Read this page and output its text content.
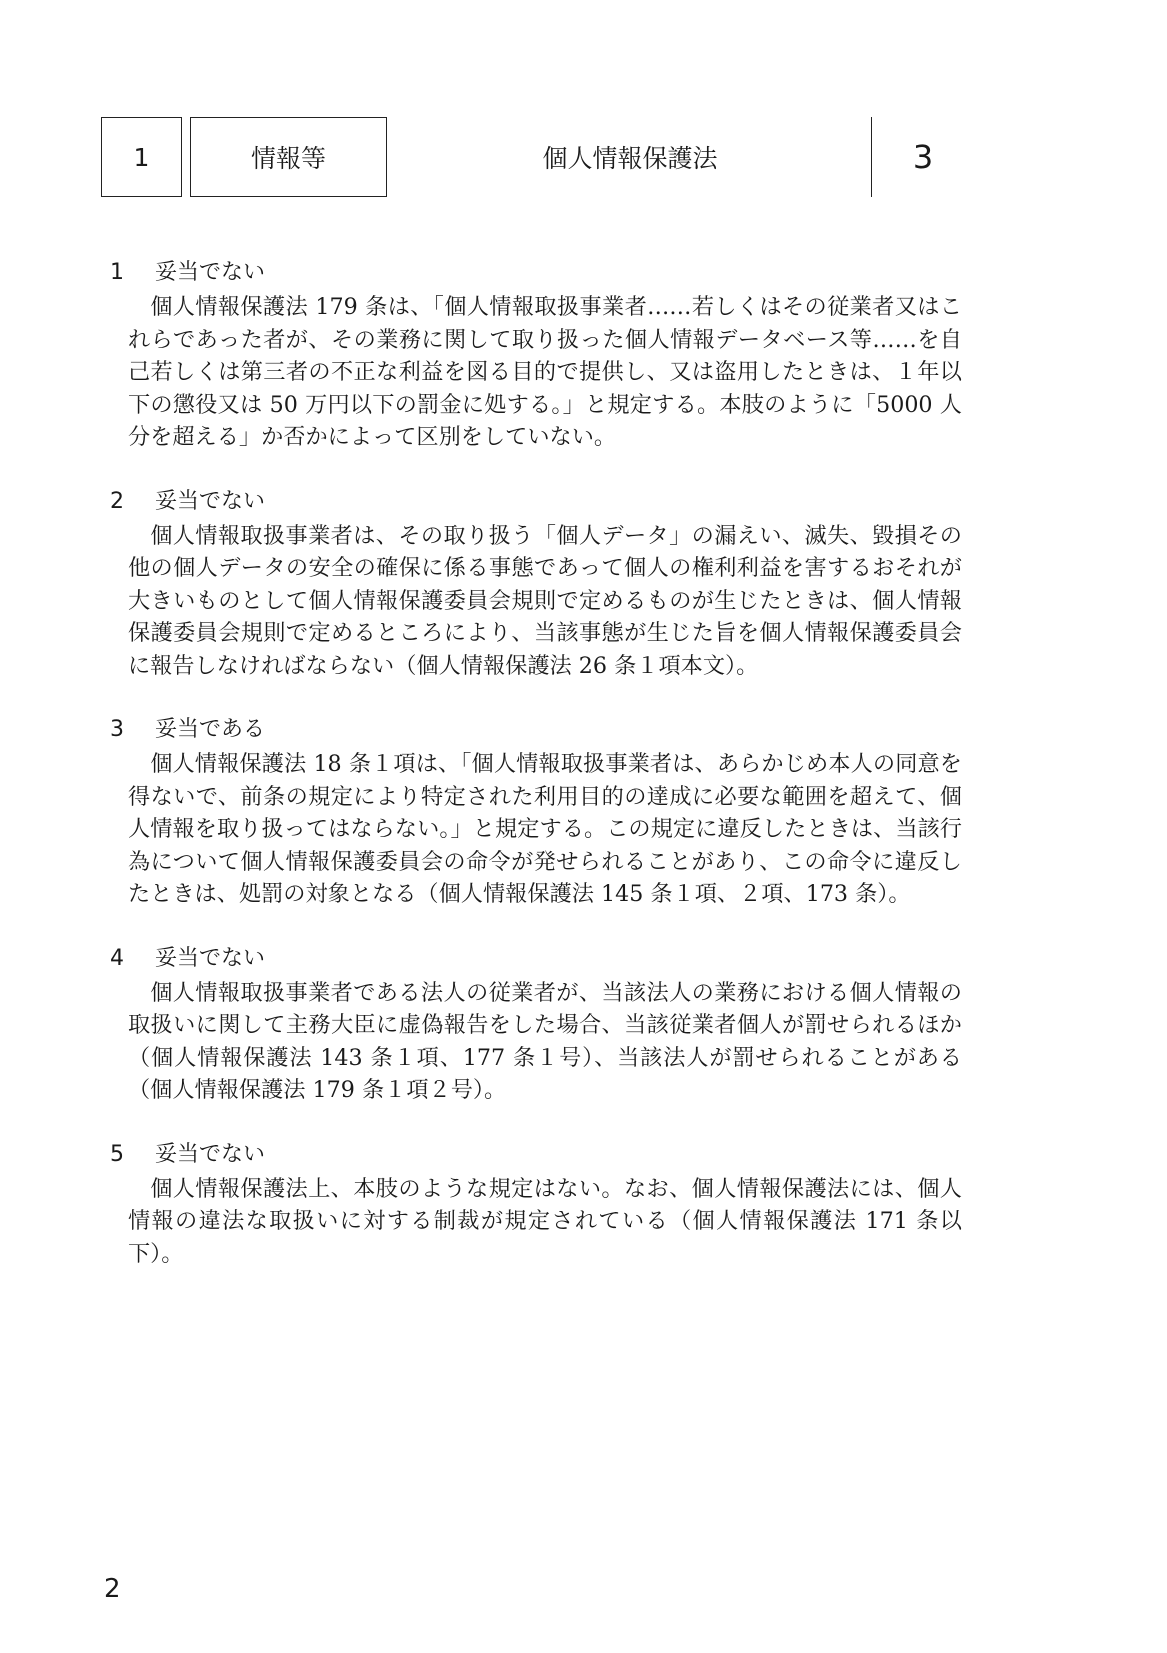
1	情報等	個人情報保護法	3
1 妥当でない

個人情報保護法 179 条は、「個人情報取扱事業者……若しくはその従業者又はこれらであった者が、その業務に関して取り扱った個人情報データベース等……を自己若しくは第三者の不正な利益を図る目的で提供し、又は盗用したときは、１年以下の懲役又は 50 万円以下の罰金に処する。」と規定する。本肢のように「5000 人分を超える」か否かによって区別をしていない。

2 妥当でない

個人情報取扱事業者は、その取り扱う「個人データ」の漏えい、滅失、毀損その他の個人データの安全の確保に係る事態であって個人の権利利益を害するおそれが大きいものとして個人情報保護委員会規則で定めるものが生じたときは、個人情報保護委員会規則で定めるところにより、当該事態が生じた旨を個人情報保護委員会に報告しなければならない（個人情報保護法 26 条１項本文）。

3 妥当である

個人情報保護法 18 条１項は、「個人情報取扱事業者は、あらかじめ本人の同意を得ないで、前条の規定により特定された利用目的の達成に必要な範囲を超えて、個人情報を取り扱ってはならない。」と規定する。この規定に違反したときは、当該行為について個人情報保護委員会の命令が発せられることがあり、この命令に違反したときは、処罰の対象となる（個人情報保護法 145 条１項、２項、173 条）。

4 妥当でない

個人情報取扱事業者である法人の従業者が、当該法人の業務における個人情報の取扱いに関して主務大臣に虚偽報告をした場合、当該従業者個人が罰せられるほか（個人情報保護法 143 条１項、177 条１号）、当該法人が罰せられることがある（個人情報保護法 179 条１項２号）。

5 妥当でない

個人情報保護法上、本肢のような規定はない。なお、個人情報保護法には、個人情報の違法な取扱いに対する制裁が規定されている（個人情報保護法 171 条以下）。

2
